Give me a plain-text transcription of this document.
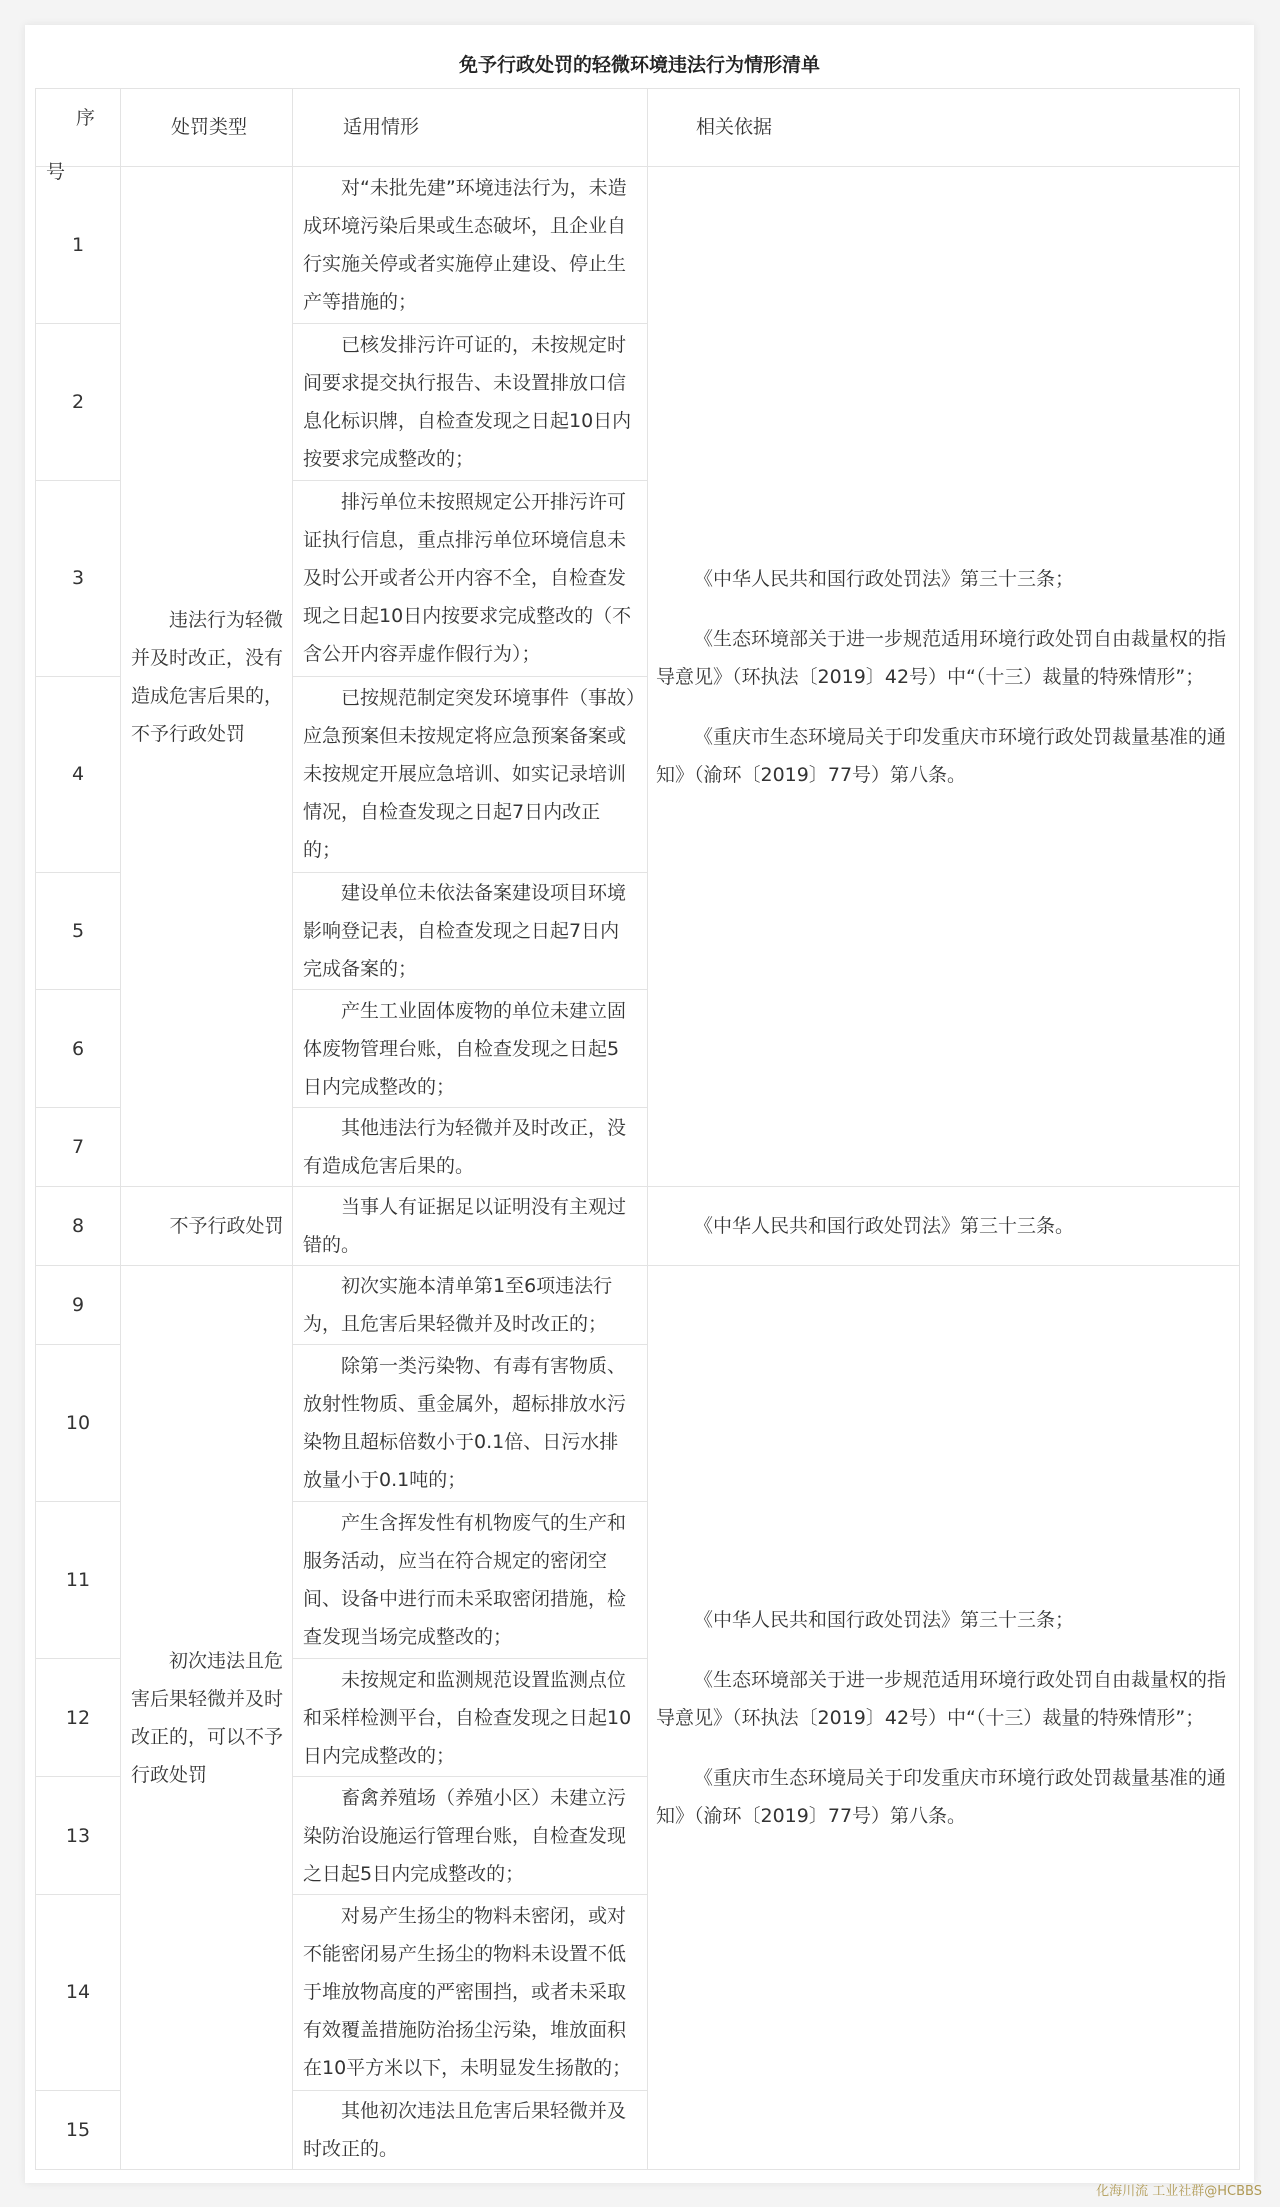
免予行政处罚的轻微环境违法行为情形清单
序
号	处罚类型	适用情形	相关依据
1	违法行为轻微并及时改正，没有造成危害后果的，不予行政处罚	对“未批先建”环境违法行为，未造成环境污染后果或生态破坏，且企业自行实施关停或者实施停止建设、停止生产等措施的；	《中华人民共和国行政处罚法》第三十三条；

《生态环境部关于进一步规范适用环境行政处罚自由裁量权的指导意见》（环执法〔2019〕42号）中“（十三）裁量的特殊情形”；

《重庆市生态环境局关于印发重庆市环境行政处罚裁量基准的通知》（渝环〔2019〕77号）第八条。

2		已核发排污许可证的，未按规定时间要求提交执行报告、未设置排放口信息化标识牌，自检查发现之日起10日内按要求完成整改的；	
3		排污单位未按照规定公开排污许可证执行信息，重点排污单位环境信息未及时公开或者公开内容不全，自检查发现之日起10日内按要求完成整改的（不含公开内容弄虚作假行为）；	
4		已按规范制定突发环境事件（事故）应急预案但未按规定将应急预案备案或未按规定开展应急培训、如实记录培训情况，自检查发现之日起7日内改正的；	
5		建设单位未依法备案建设项目环境影响登记表，自检查发现之日起7日内完成备案的；	
6		产生工业固体废物的单位未建立固体废物管理台账，自检查发现之日起5日内完成整改的；	
7		其他违法行为轻微并及时改正，没有造成危害后果的。	
8	不予行政处罚	当事人有证据足以证明没有主观过错的。	《中华人民共和国行政处罚法》第三十三条。

9	初次违法且危害后果轻微并及时改正的，可以不予行政处罚	初次实施本清单第1至6项违法行为，且危害后果轻微并及时改正的；	《中华人民共和国行政处罚法》第三十三条；

《生态环境部关于进一步规范适用环境行政处罚自由裁量权的指导意见》（环执法〔2019〕42号）中“（十三）裁量的特殊情形”；

《重庆市生态环境局关于印发重庆市环境行政处罚裁量基准的通知》（渝环〔2019〕77号）第八条。

10		除第一类污染物、有毒有害物质、放射性物质、重金属外，超标排放水污染物且超标倍数小于0.1倍、日污水排放量小于0.1吨的；	
11		产生含挥发性有机物废气的生产和服务活动，应当在符合规定的密闭空间、设备中进行而未采取密闭措施，检查发现当场完成整改的；	
12		未按规定和监测规范设置监测点位和采样检测平台，自检查发现之日起10日内完成整改的；	
13		畜禽养殖场（养殖小区）未建立污染防治设施运行管理台账，自检查发现之日起5日内完成整改的；	
14		对易产生扬尘的物料未密闭，或对不能密闭易产生扬尘的物料未设置不低于堆放物高度的严密围挡，或者未采取有效覆盖措施防治扬尘污染，堆放面积在10平方米以下，未明显发生扬散的；	
15		其他初次违法且危害后果轻微并及时改正的。	
化海川流 工业社群@HCBBS
